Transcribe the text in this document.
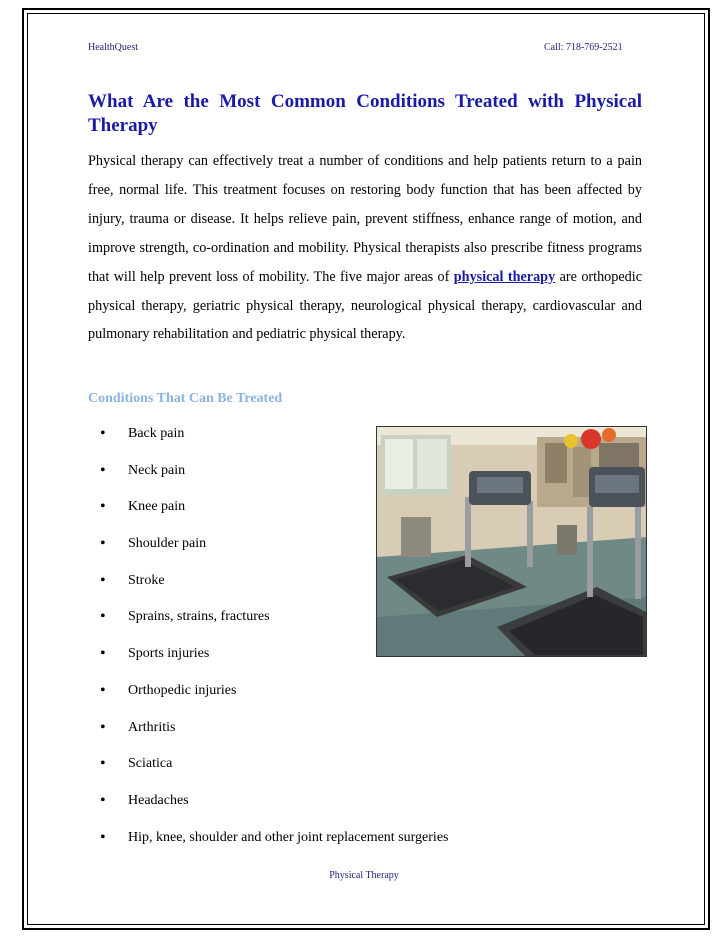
HealthQuest	Call: 718-769-2521
What Are the Most Common Conditions Treated with Physical Therapy

Physical therapy can effectively treat a number of conditions and help patients return to a pain free, normal life. This treatment focuses on restoring body function that has been affected by injury, trauma or disease. It helps relieve pain, prevent stiffness, enhance range of motion, and improve strength, co-ordination and mobility. Physical therapists also prescribe fitness programs that will help prevent loss of mobility. The five major areas of physical therapy are orthopedic physical therapy, geriatric physical therapy, neurological physical therapy, cardiovascular and pulmonary rehabilitation and pediatric physical therapy.

Conditions That Can Be Treated
• Back pain
• Neck pain
• Knee pain
• Shoulder pain
• Stroke
• Sprains, strains, fractures
• Sports injuries
• Orthopedic injuries
• Arthritis
• Sciatica
• Headaches
• Hip, knee, shoulder and other joint replacement surgeries
Physical Therapy
